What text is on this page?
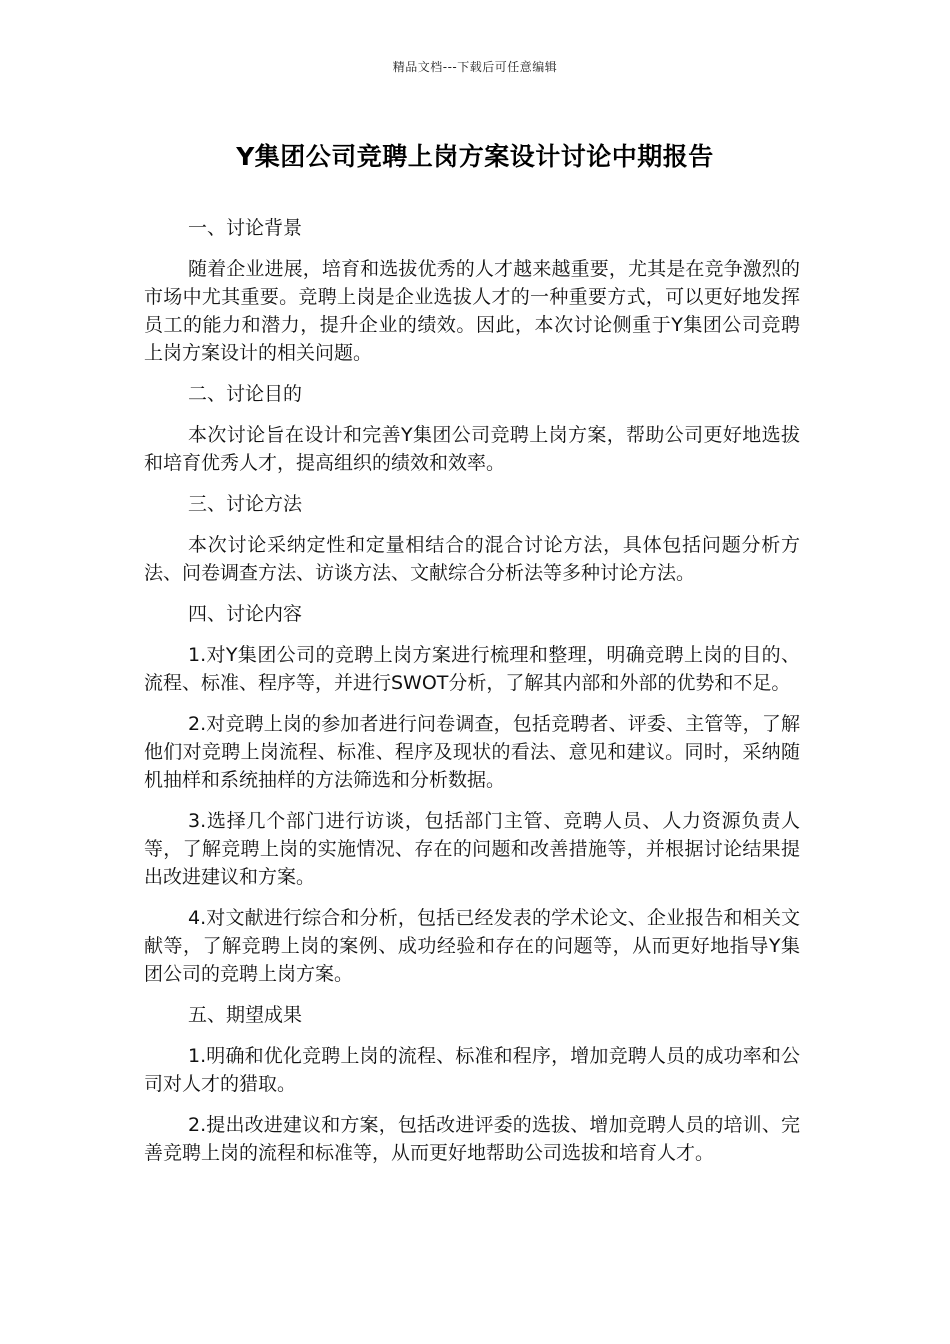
精品文档---下载后可任意编辑
Y集团公司竞聘上岗方案设计讨论中期报告

一、讨论背景

随着企业进展，培育和选拔优秀的人才越来越重要，尤其是在竞争激烈的市场中尤其重要。竞聘上岗是企业选拔人才的一种重要方式，可以更好地发挥员工的能力和潜力，提升企业的绩效。因此，本次讨论侧重于Y集团公司竞聘上岗方案设计的相关问题。

二、讨论目的

本次讨论旨在设计和完善Y集团公司竞聘上岗方案，帮助公司更好地选拔和培育优秀人才，提高组织的绩效和效率。

三、讨论方法

本次讨论采纳定性和定量相结合的混合讨论方法，具体包括问题分析方法、问卷调查方法、访谈方法、文献综合分析法等多种讨论方法。

四、讨论内容

1.对Y集团公司的竞聘上岗方案进行梳理和整理，明确竞聘上岗的目的、流程、标准、程序等，并进行SWOT分析，了解其内部和外部的优势和不足。

2.对竞聘上岗的参加者进行问卷调查，包括竞聘者、评委、主管等，了解他们对竞聘上岗流程、标准、程序及现状的看法、意见和建议。同时，采纳随机抽样和系统抽样的方法筛选和分析数据。

3.选择几个部门进行访谈，包括部门主管、竞聘人员、人力资源负责人等，了解竞聘上岗的实施情况、存在的问题和改善措施等，并根据讨论结果提出改进建议和方案。

4.对文献进行综合和分析，包括已经发表的学术论文、企业报告和相关文献等，了解竞聘上岗的案例、成功经验和存在的问题等，从而更好地指导Y集团公司的竞聘上岗方案。

五、期望成果

1.明确和优化竞聘上岗的流程、标准和程序，增加竞聘人员的成功率和公司对人才的猎取。

2.提出改进建议和方案，包括改进评委的选拔、增加竞聘人员的培训、完善竞聘上岗的流程和标准等，从而更好地帮助公司选拔和培育人才。
